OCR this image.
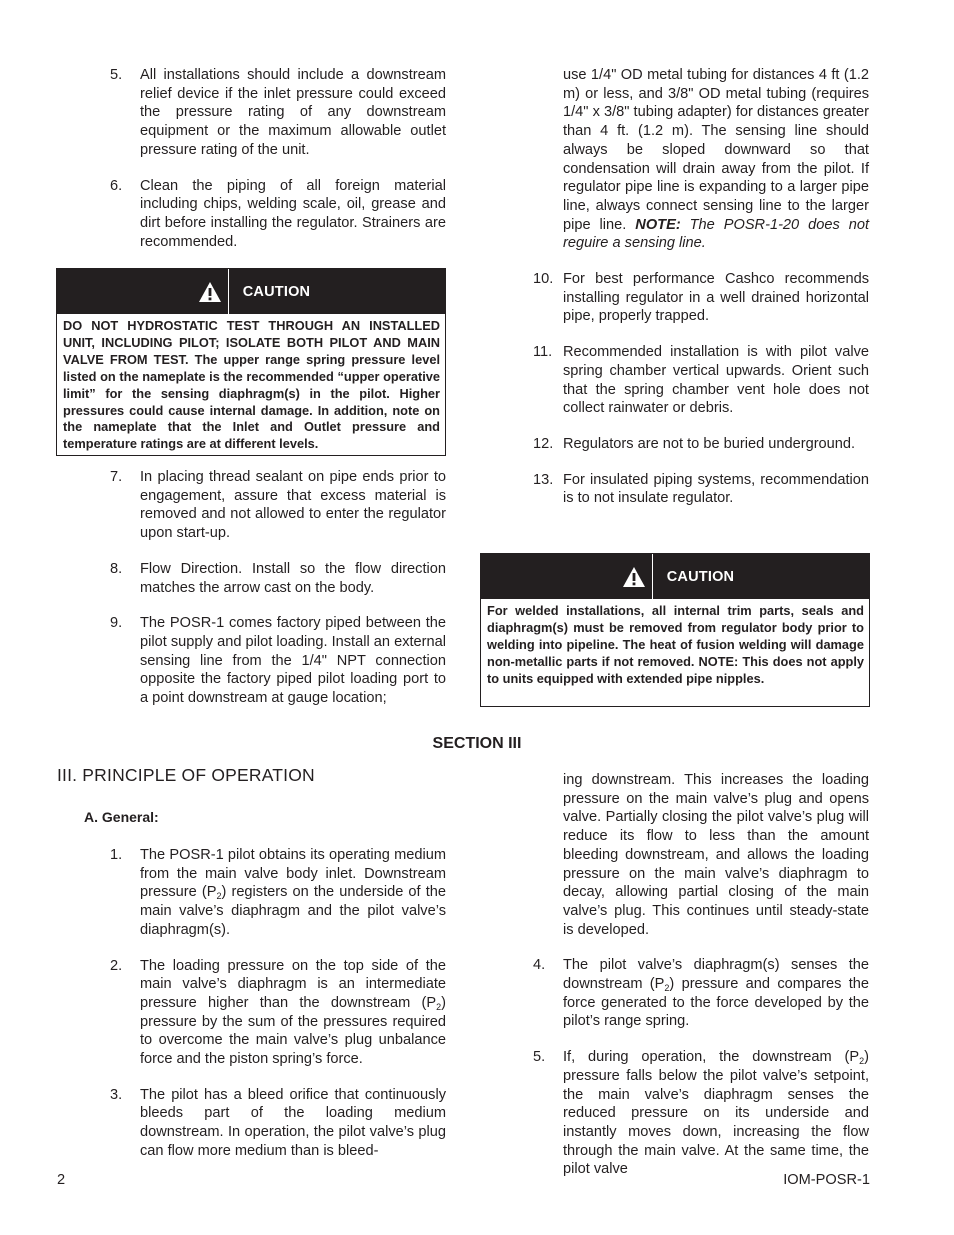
5. All installations should include a downstream relief device if the inlet pressure could exceed the pressure rating of any downstream equipment or the maximum allowable outlet pressure rating of the unit.
6. Clean the piping of all foreign material including chips, welding scale, oil, grease and dirt before installing the regulator. Strainers are recommended.
CAUTION
DO NOT HYDROSTATIC TEST THROUGH AN INSTALLED UNIT, INCLUDING PILOT; ISOLATE BOTH PILOT AND MAIN VALVE FROM TEST. The upper range spring pressure level listed on the nameplate is the recommended “upper operative limit” for the sensing diaphragm(s) in the pilot. Higher pressures could cause internal damage. In addition, note on the nameplate that the Inlet and Outlet pressure and temperature ratings are at different levels.
7. In placing thread sealant on pipe ends prior to engagement, assure that excess material is removed and not allowed to enter the regulator upon start-up.
8. Flow Direction. Install so the flow direction matches the arrow cast on the body.
9. The POSR-1 comes factory piped between the pilot supply and pilot loading. Install an external sensing line from the 1/4" NPT connection opposite the factory piped pilot loading port to a point downstream at gauge location;
use 1/4" OD metal tubing for distances 4 ft (1.2 m) or less, and 3/8" OD metal tubing (requires 1/4" x 3/8" tubing adapter) for distances greater than 4 ft. (1.2 m). The sensing line should always be sloped downward so that condensation will drain away from the pilot. If regulator pipe line is expanding to a larger pipe line, always connect sensing line to the larger pipe line. NOTE: The POSR-1-20 does not reguire a sensing line.
10. For best performance Cashco recommends installing regulator in a well drained horizontal pipe, properly trapped.
11. Recommended installation is with pilot valve spring chamber vertical upwards. Orient such that the spring chamber vent hole does not collect rainwater or debris.
12. Regulators are not to be buried underground.
13. For insulated piping systems, recommendation is to not insulate regulator.
CAUTION
For welded installations, all internal trim parts, seals and diaphragm(s) must be removed from regulator body prior to welding into pipeline. The heat of fusion welding will damage non-metallic parts if not removed. NOTE: This does not apply to units equipped with extended pipe nipples.
SECTION III
III. PRINCIPLE OF OPERATION
A. General:
1. The POSR-1 pilot obtains its operating medium from the main valve body inlet. Downstream pressure $(P_2)$ registers on the underside of the main valve’s diaphragm and the pilot valve’s diaphragm(s).
2. The loading pressure on the top side of the main valve’s diaphragm is an intermediate pressure higher than the downstream $(P_2)$ pressure by the sum of the pressures required to overcome the main valve’s plug unbalance force and the piston spring’s force.
3. The pilot has a bleed orifice that continuously bleeds part of the loading medium downstream. In operation, the pilot valve’s plug can flow more medium than is bleed-
ing downstream. This increases the loading pressure on the main valve’s plug and opens valve. Partially closing the pilot valve’s plug will reduce its flow to less than the amount bleeding downstream, and allows the loading pressure on the main valve’s diaphragm to decay, allowing partial closing of the main valve’s plug. This continues until steady-state is developed.
4. The pilot valve’s diaphragm(s) senses the downstream $(P_2)$ pressure and compares the force generated to the force developed by the pilot’s range spring.
5. If, during operation, the downstream $(P_2)$ pressure falls below the pilot valve’s setpoint, the main valve’s diaphragm senses the reduced pressure on its underside and instantly moves down, increasing the flow through the main valve. At the same time, the pilot valve
2	IOM-POSR-1
